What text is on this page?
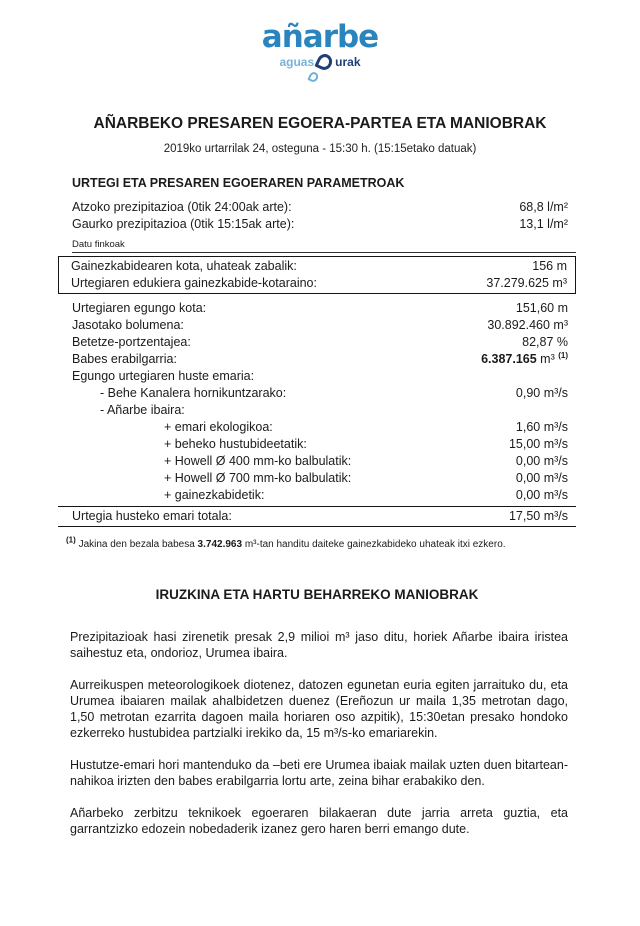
añarbe
aguas urak
AÑARBEKO PRESAREN EGOERA-PARTEA ETA MANIOBRAK
2019ko urtarrilak 24, osteguna - 15:30 h. (15:15etako datuak)
URTEGI ETA PRESAREN EGOERAREN PARAMETROAK
Atzoko prezipitazioa (0tik 24:00ak arte):	68,8 l/m²
Gaurko prezipitazioa (0tik 15:15ak arte):	13,1 l/m²
Datu finkoak
Gainezkabidearen kota, uhateak zabalik:	156 m
Urtegiaren edukiera gainezkabide-kotaraino:	37.279.625 m³
Urtegiaren egungo kota:	151,60 m
Jasotako bolumena:	30.892.460 m³
Betetze-portzentajea:	82,87 %
Babes erabilgarria:	6.387.165 m³ $^{(1)}$
Egungo urtegiaren huste emaria:
- Behe Kanalera hornikuntzarako:	0,90 m³/s
- Añarbe ibaira:
+ emari ekologikoa:	1,60 m³/s
+ beheko hustubideetatik:	15,00 m³/s
+ Howell Ø 400 mm-ko balbulatik:	0,00 m³/s
+ Howell Ø 700 mm-ko balbulatik:	0,00 m³/s
+ gainezkabidetik:	0,00 m³/s
Urtegia husteko emari totala:	17,50 m³/s

$^{(1)}$ Jakina den bezala babesa 3.742.963 m³-tan handitu daiteke gainezkabideko uhateak itxi ezkero.

IRUZKINA ETA HARTU BEHARREKO MANIOBRAK

Prezipitazioak hasi zirenetik presak 2,9 milioi m³ jaso ditu, horiek Añarbe ibaira iristea saihestuz eta, ondorioz, Urumea ibaira.

Aurreikuspen meteorologikoek diotenez, datozen egunetan euria egiten jarraituko du, eta Urumea ibaiaren mailak ahalbidetzen duenez (Ereñozun ur maila 1,35 metrotan dago, 1,50 metrotan ezarrita dagoen maila horiaren oso azpitik), 15:30etan presako hondoko ezkerreko hustubidea partzialki irekiko da, 15 m³/s-ko emariarekin.

Hustutze-emari hori mantenduko da –beti ere Urumea ibaiak mailak uzten duen bitartean- nahikoa irizten den babes erabilgarria lortu arte, zeina bihar erabakiko den.

Añarbeko zerbitzu teknikoek egoeraren bilakaeran dute jarria arreta guztia, eta garrantzizko edozein nobedaderik izanez gero haren berri emango dute.
